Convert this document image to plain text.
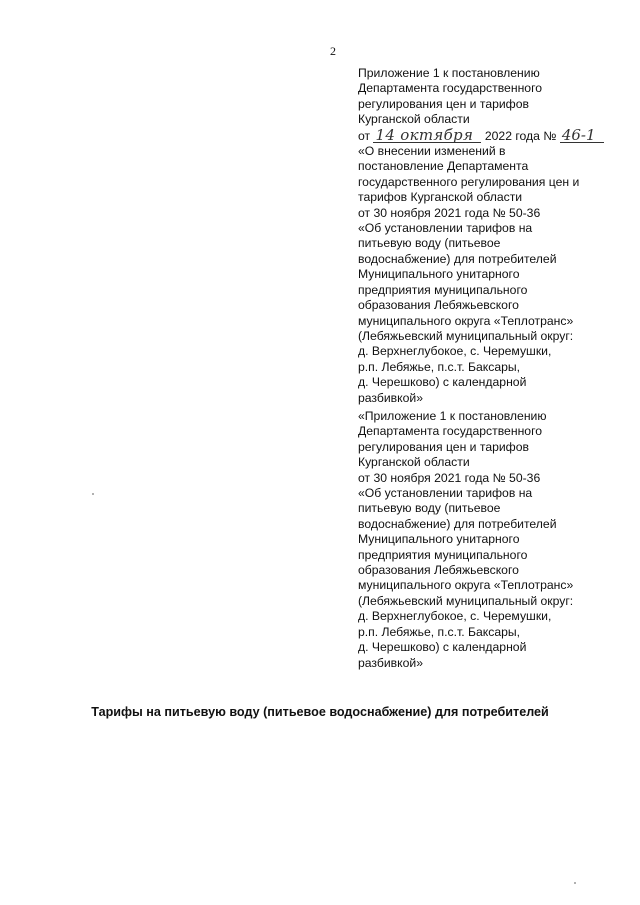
2
Приложение 1 к постановлению
Департамента государственного
регулирования цен и тарифов
Курганской области
от 14 октября 2022 года № 46-1
«О внесении изменений в
постановление Департамента
государственного регулирования цен и
тарифов Курганской области
от 30 ноября 2021 года № 50-36
«Об установлении тарифов на
питьевую воду (питьевое
водоснабжение) для потребителей
Муниципального унитарного
предприятия муниципального
образования Лебяжьевского
муниципального округа «Теплотранс»
(Лебяжьевский муниципальный округ:
д. Верхнеглубокое, с. Черемушки,
р.п. Лебяжье, п.с.т. Баксары,
д. Черешково) с календарной
разбивкой»
«Приложение 1 к постановлению
Департамента государственного
регулирования цен и тарифов
Курганской области
от 30 ноября 2021 года № 50-36
«Об установлении тарифов на
питьевую воду (питьевое
водоснабжение) для потребителей
Муниципального унитарного
предприятия муниципального
образования Лебяжьевского
муниципального округа «Теплотранс»
(Лебяжьевский муниципальный округ:
д. Верхнеглубокое, с. Черемушки,
р.п. Лебяжье, п.с.т. Баксары,
д. Черешково) с календарной
разбивкой»
Тарифы на питьевую воду (питьевое водоснабжение) для потребителей
